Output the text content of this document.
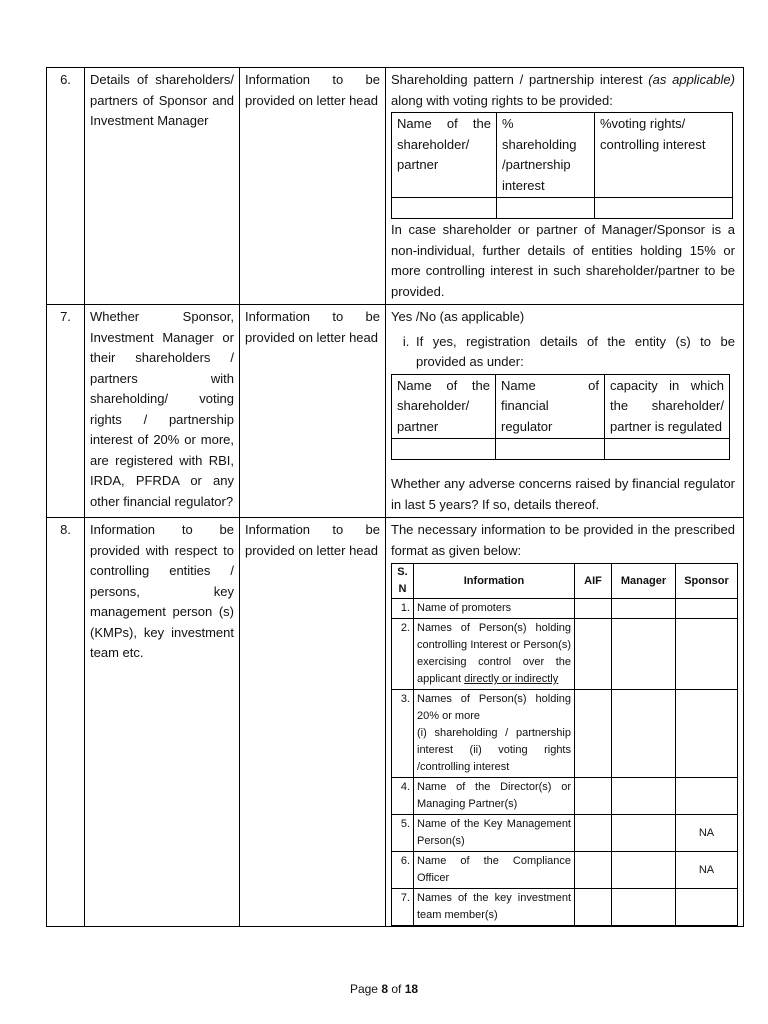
6.	Details of shareholders/ partners of Sponsor and Investment Manager	Information to be provided on letter head	
Shareholding pattern / partnership interest (as applicable) along with voting rights to be provided:
Name of the shareholder/ partner	% shareholding /partnership interest	%voting rights/ controlling interest

In case shareholder or partner of Manager/Sponsor is a non-individual, further details of entities holding 15% or more controlling interest in such shareholder/partner to be provided.

7.	Whether Sponsor, Investment Manager or their shareholders / partners with shareholding/ voting rights / partnership interest of 20% or more, are registered with RBI, IRDA, PFRDA or any other financial regulator?	Information to be provided on letter head	
Yes /No (as applicable)
i. If yes, registration details of the entity (s) to be provided as under:
Name of the shareholder/ partner	Name of financial regulator	capacity in which the shareholder/ partner is regulated

Whether any adverse concerns raised by financial regulator in last 5 years? If so, details thereof.

8.	Information to be provided with respect to controlling entities / persons, key management person (s) (KMPs), key investment team etc.	Information to be provided on letter head	
The necessary information to be provided in the prescribed format as given below:
S. N	Information	AIF	Manager	Sponsor
1.	Name of promoters			
2.	Names of Person(s) holding controlling Interest or Person(s) exercising control over the applicant directly or indirectly			
3.	Names of Person(s) holding 20% or more
(i) shareholding / partnership interest (ii) voting rights /controlling interest			
4.	Name of the Director(s) or Managing Partner(s)			
5.	Name of the Key Management Person(s)			NA
6.	Name of the Compliance Officer			NA
7.	Names of the key investment team member(s)			
Page 8 of 18
